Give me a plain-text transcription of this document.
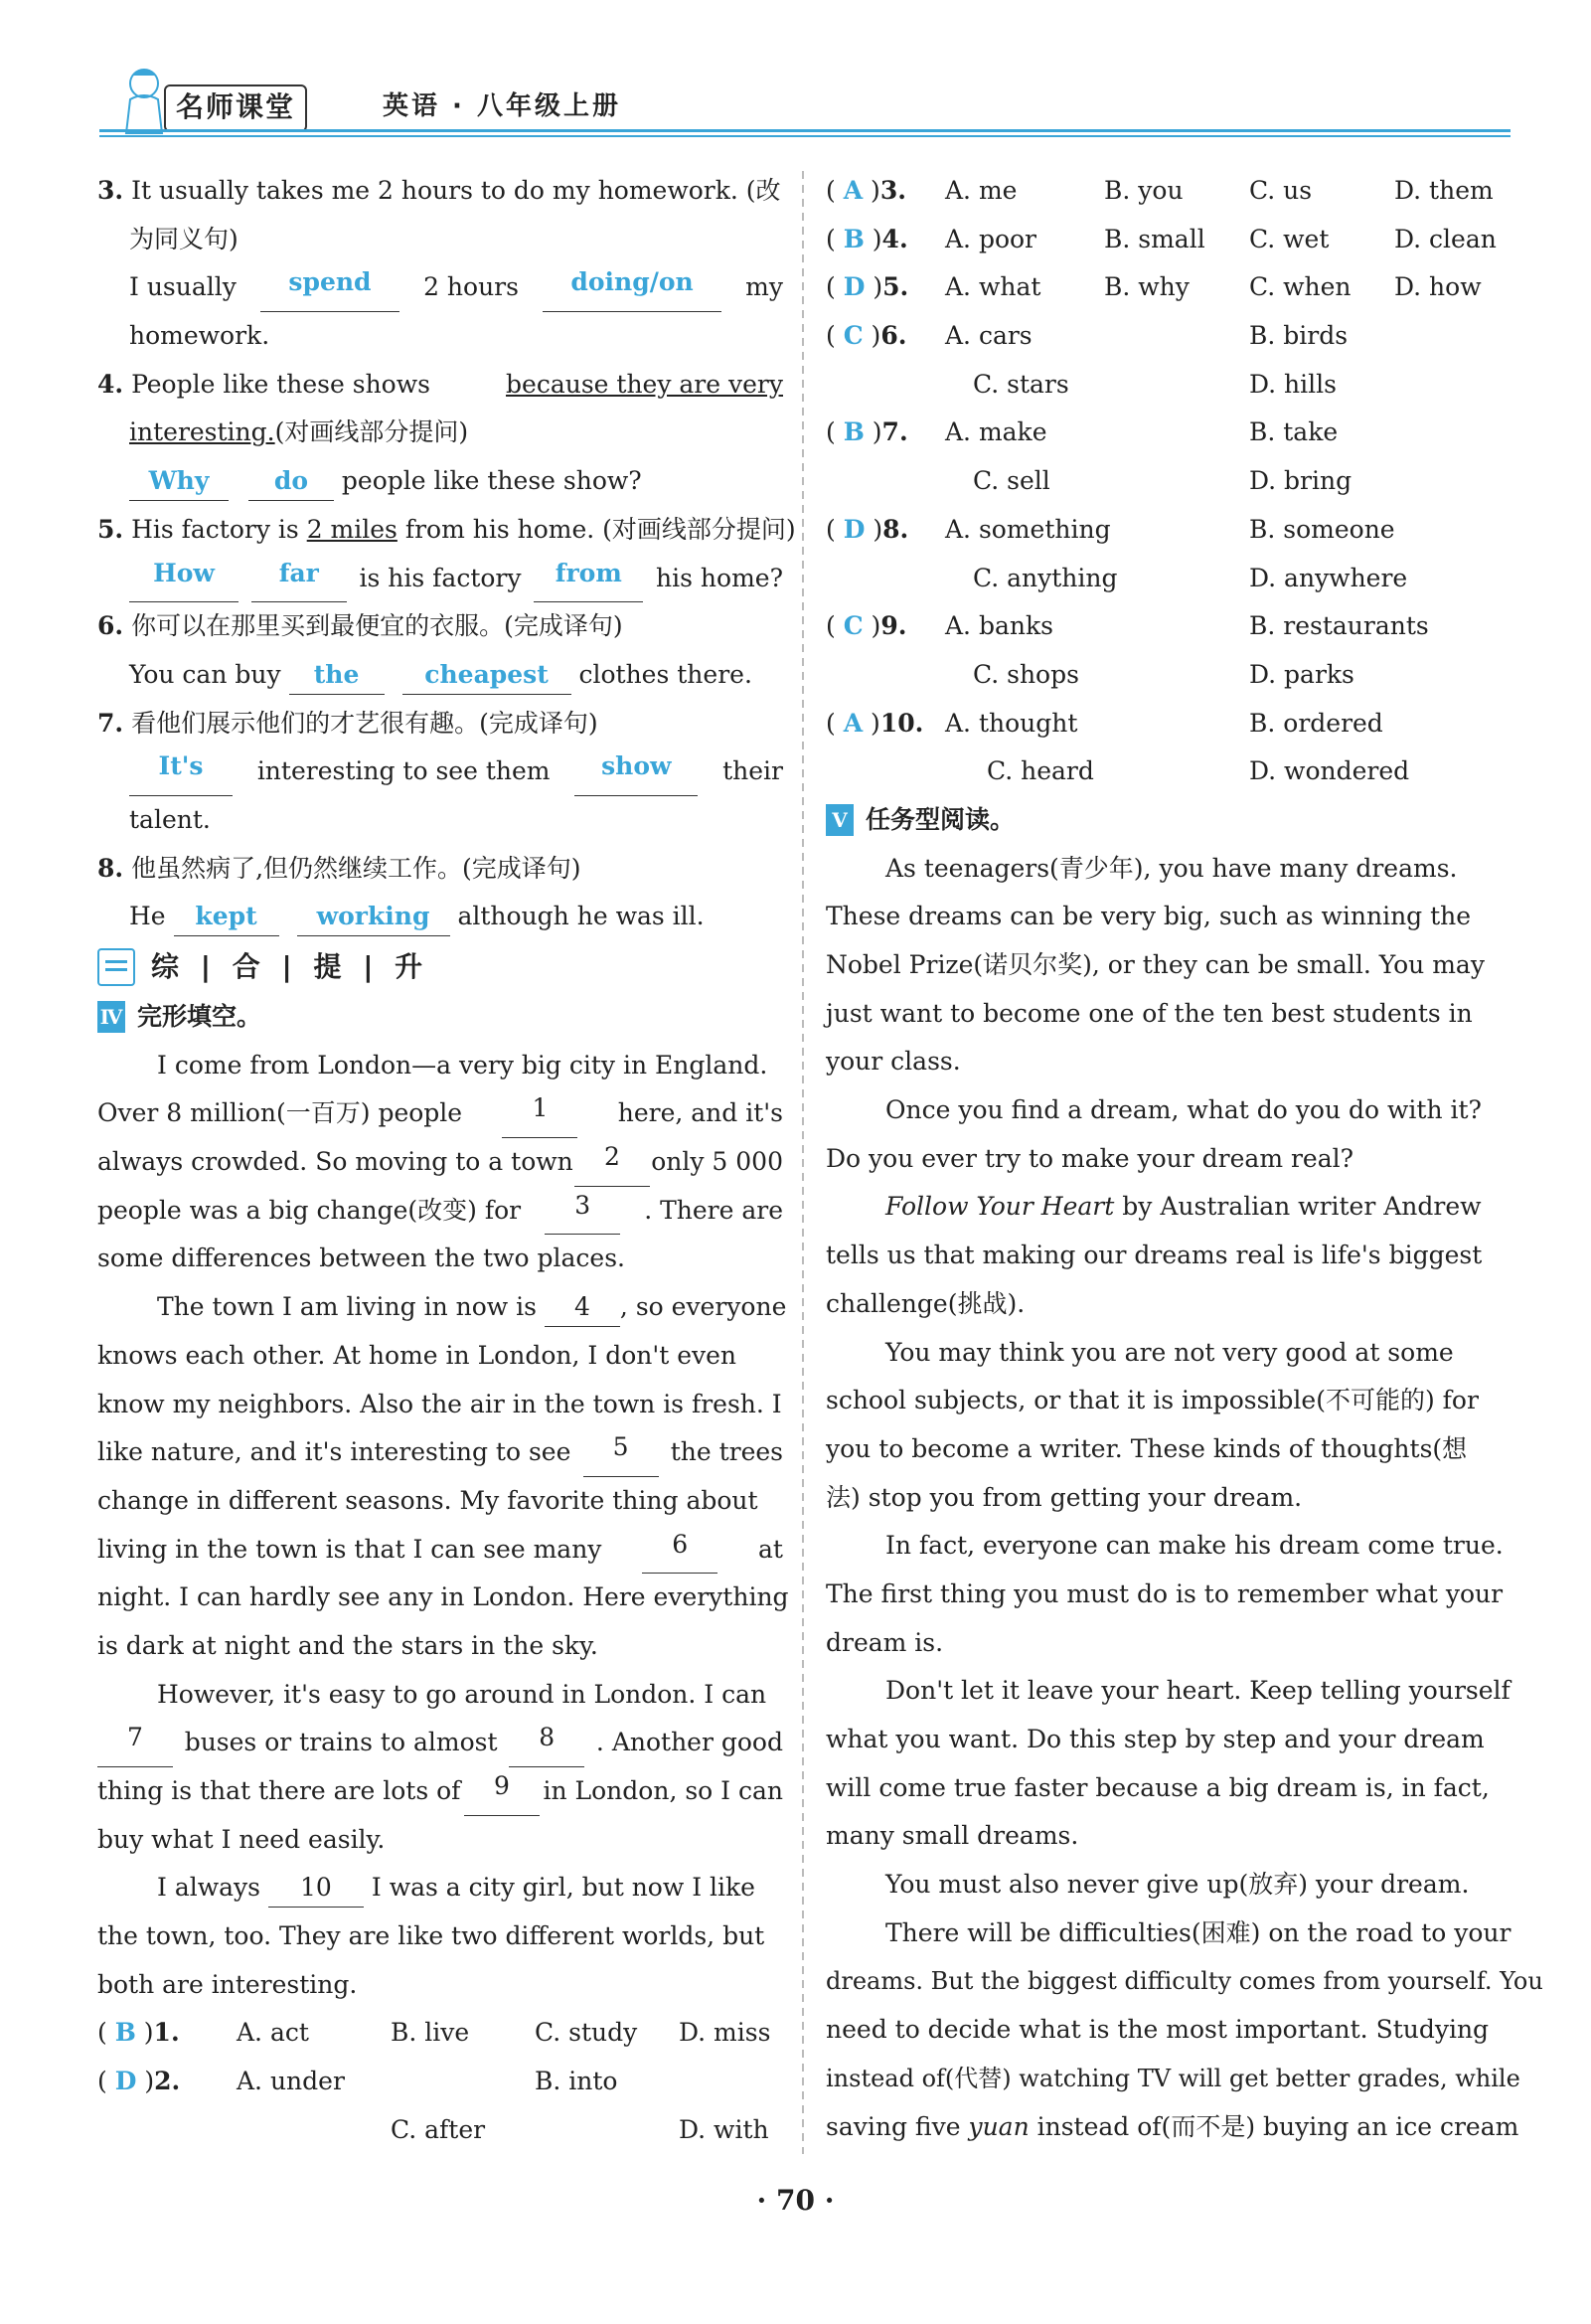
名师课堂	英语 · 八年级上册
3. It usually takes me 2 hours to do my homework. (改
为同义句)
I usually	spend	2 hours	doing/on	my
homework.
4. People like these shows	because they are very
interesting.(对画线部分提问)
Why	do people like these show?
5. His factory is 2 miles from his home. (对画线部分提问)
How	far	is his factory	from	his home?
6. 你可以在那里买到最便宜的衣服。(完成译句)
You can buy the	cheapest clothes there.
7. 看他们展示他们的才艺很有趣。(完成译句)
It's	interesting to see them	show	their
talent.
8. 他虽然病了,但仍然继续工作。(完成译句)
He kept working although he was ill.
综 | 合 | 提 | 升
Ⅳ 完形填空。
I come from London—a very big city in England.
Over 8 million(一百万) people	1	here, and it's
always crowded. So moving to a town	2	only 5 000
people was a big change(改变) for	3	. There are
some differences between the two places.
The town I am living in now is 4 , so everyone
knows each other. At home in London, I don't even
know my neighbors. Also the air in the town is fresh. I
like nature, and it's interesting to see	5	the trees
change in different seasons. My favorite thing about
living in the town is that I can see many	6	at
night. I can hardly see any in London. Here everything
is dark at night and the stars in the sky.
However, it's easy to go around in London. I can
7	buses or trains to almost	8	. Another good
thing is that there are lots of	9	in London, so I can
buy what I need easily.
I always 10 I was a city girl, but now I like
the town, too. They are like two different worlds, but
both are interesting.
( B )1.	A. act	B. live	C. study	D. miss
( D )2.	A. under	B. into
C. after	D. with
( A )3.	A. me	B. you	C. us	D. them
( B )4.	A. poor	B. small	C. wet	D. clean
( D )5.	A. what	B. why	C. when	D. how
( C )6.	A. cars	B. birds
C. stars	D. hills
( B )7.	A. make	B. take
C. sell	D. bring
( D )8.	A. something	B. someone
C. anything	D. anywhere
( C )9.	A. banks	B. restaurants
C. shops	D. parks
( A )10. A. thought	B. ordered
C. heard	D. wondered
Ⅴ 任务型阅读。
As teenagers(青少年), you have many dreams.
These dreams can be very big, such as winning the
Nobel Prize(诺贝尔奖), or they can be small. You may
just want to become one of the ten best students in
your class.
Once you find a dream, what do you do with it?
Do you ever try to make your dream real?
Follow Your Heart by Australian writer Andrew
tells us that making our dreams real is life's biggest
challenge(挑战).
You may think you are not very good at some
school subjects, or that it is impossible(不可能的) for
you to become a writer. These kinds of thoughts(想
法) stop you from getting your dream.
In fact, everyone can make his dream come true.
The first thing you must do is to remember what your
dream is.
Don't let it leave your heart. Keep telling yourself
what you want. Do this step by step and your dream
will come true faster because a big dream is, in fact,
many small dreams.
You must also never give up(放弃) your dream.
There will be difficulties(困难) on the road to your
dreams. But the biggest difficulty comes from yourself. You
need to decide what is the most important. Studying
instead of(代替) watching TV will get better grades, while
saving five yuan instead of(而不是) buying an ice cream
· 70 ·
